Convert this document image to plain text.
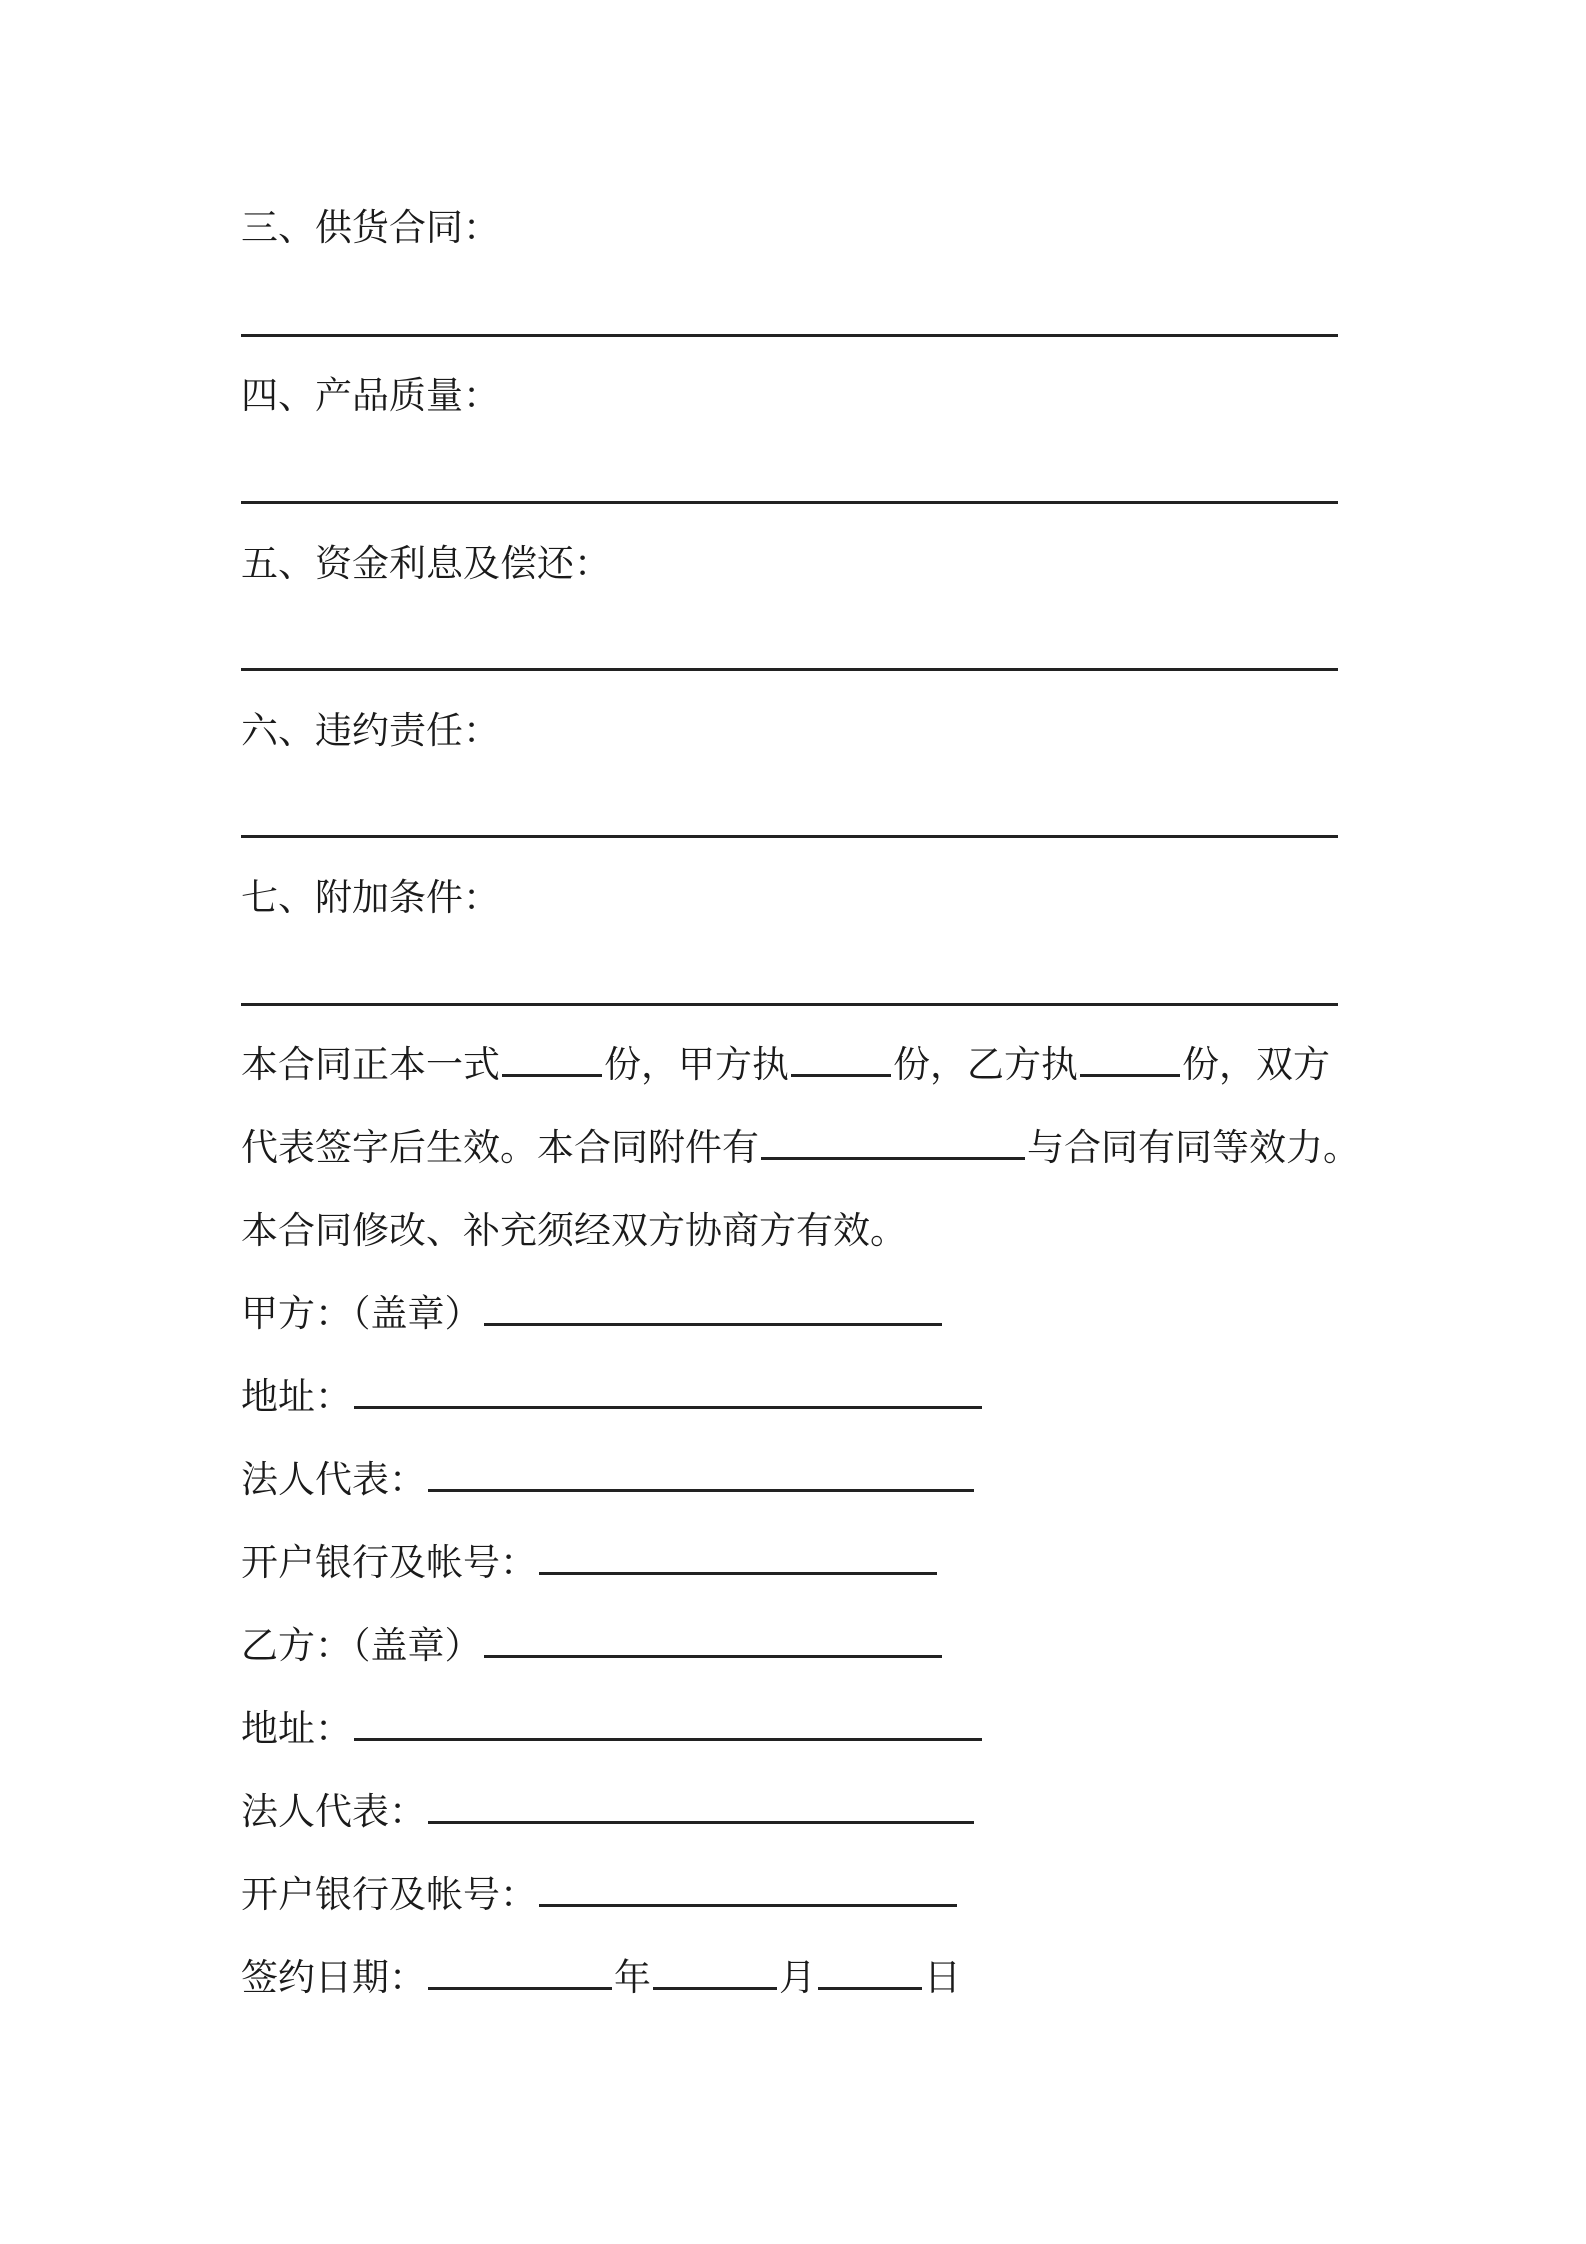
三、供货合同：
四、产品质量：
五、资金利息及偿还：
六、违约责任：
七、附加条件：
本合同正本一式	份，甲方执	份，乙方执	份，双方
代表签字后生效。本合同附件有	与合同有同等效力。
本合同修改、补充须经双方协商方有效。
甲方：（盖章）
地址：
法人代表：
开户银行及帐号：
乙方：（盖章）
地址：
法人代表：
开户银行及帐号：
签约日期：	年	月	日
